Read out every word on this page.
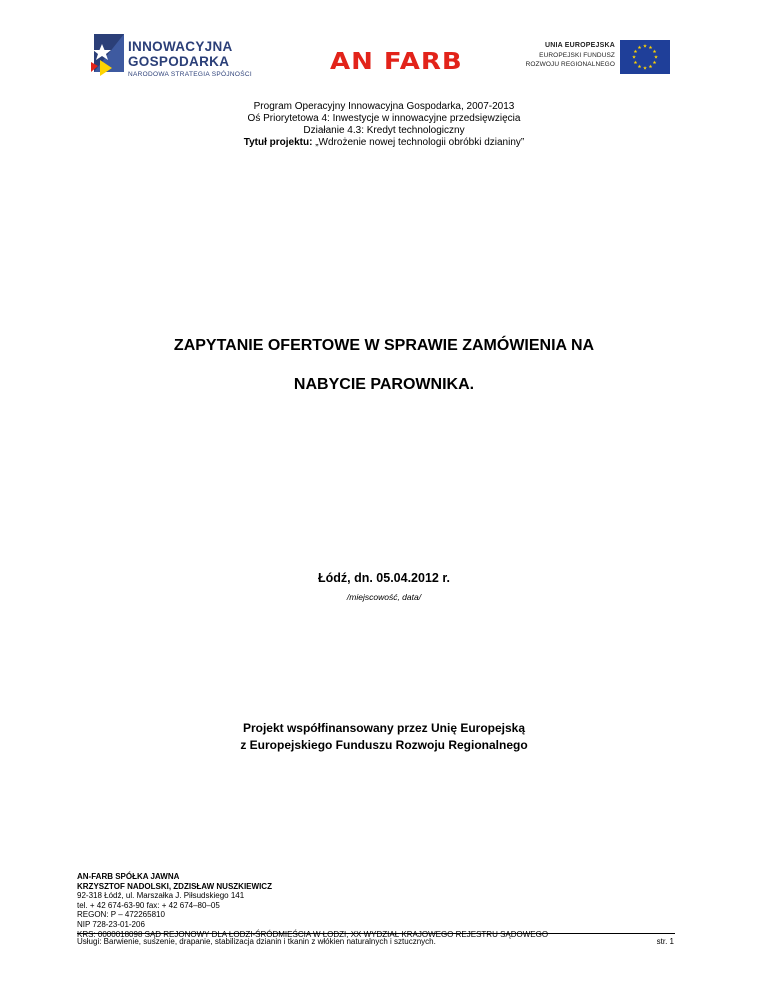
INNOWACYJNA
GOSPODARKA
NARODOWA STRATEGIA SPÓJNOŚCI	AN FARB
UNIA EUROPEJSKA
EUROPEJSKI FUNDUSZ
ROZWOJU REGIONALNEGO
Program Operacyjny Innowacyjna Gospodarka, 2007-2013
Oś Priorytetowa 4: Inwestycje w innowacyjne przedsięwzięcia
Działanie 4.3: Kredyt technologiczny
Tytuł projektu: „Wdrożenie nowej technologii obróbki dzianiny”
ZAPYTANIE OFERTOWE W SPRAWIE ZAMÓWIENIA NA
NABYCIE PAROWNIKA.
Łódź, dn. 05.04.2012 r.
/miejscowość, data/
Projekt współfinansowany przez Unię Europejską
z Europejskiego Funduszu Rozwoju Regionalnego
AN-FARB SPÓŁKA JAWNA
KRZYSZTOF NADOLSKI, ZDZISŁAW NUSZKIEWICZ
92-318 Łódź, ul. Marszałka J. Piłsudskiego 141
tel. + 42 674-63-90 fax: + 42 674–80–05
REGON: P – 472265810
NIP 728-23-01-206
KRS: 0000018098 SĄD REJONOWY DLA ŁODZI-ŚRÓDMIEŚCIA W ŁODZI, XX WYDZIAŁ KRAJOWEGO REJESTRU SĄDOWEGO
Usługi: Barwienie, suszenie, drapanie, stabilizacja dzianin i tkanin z włókien naturalnych i sztucznych.	str. 1
